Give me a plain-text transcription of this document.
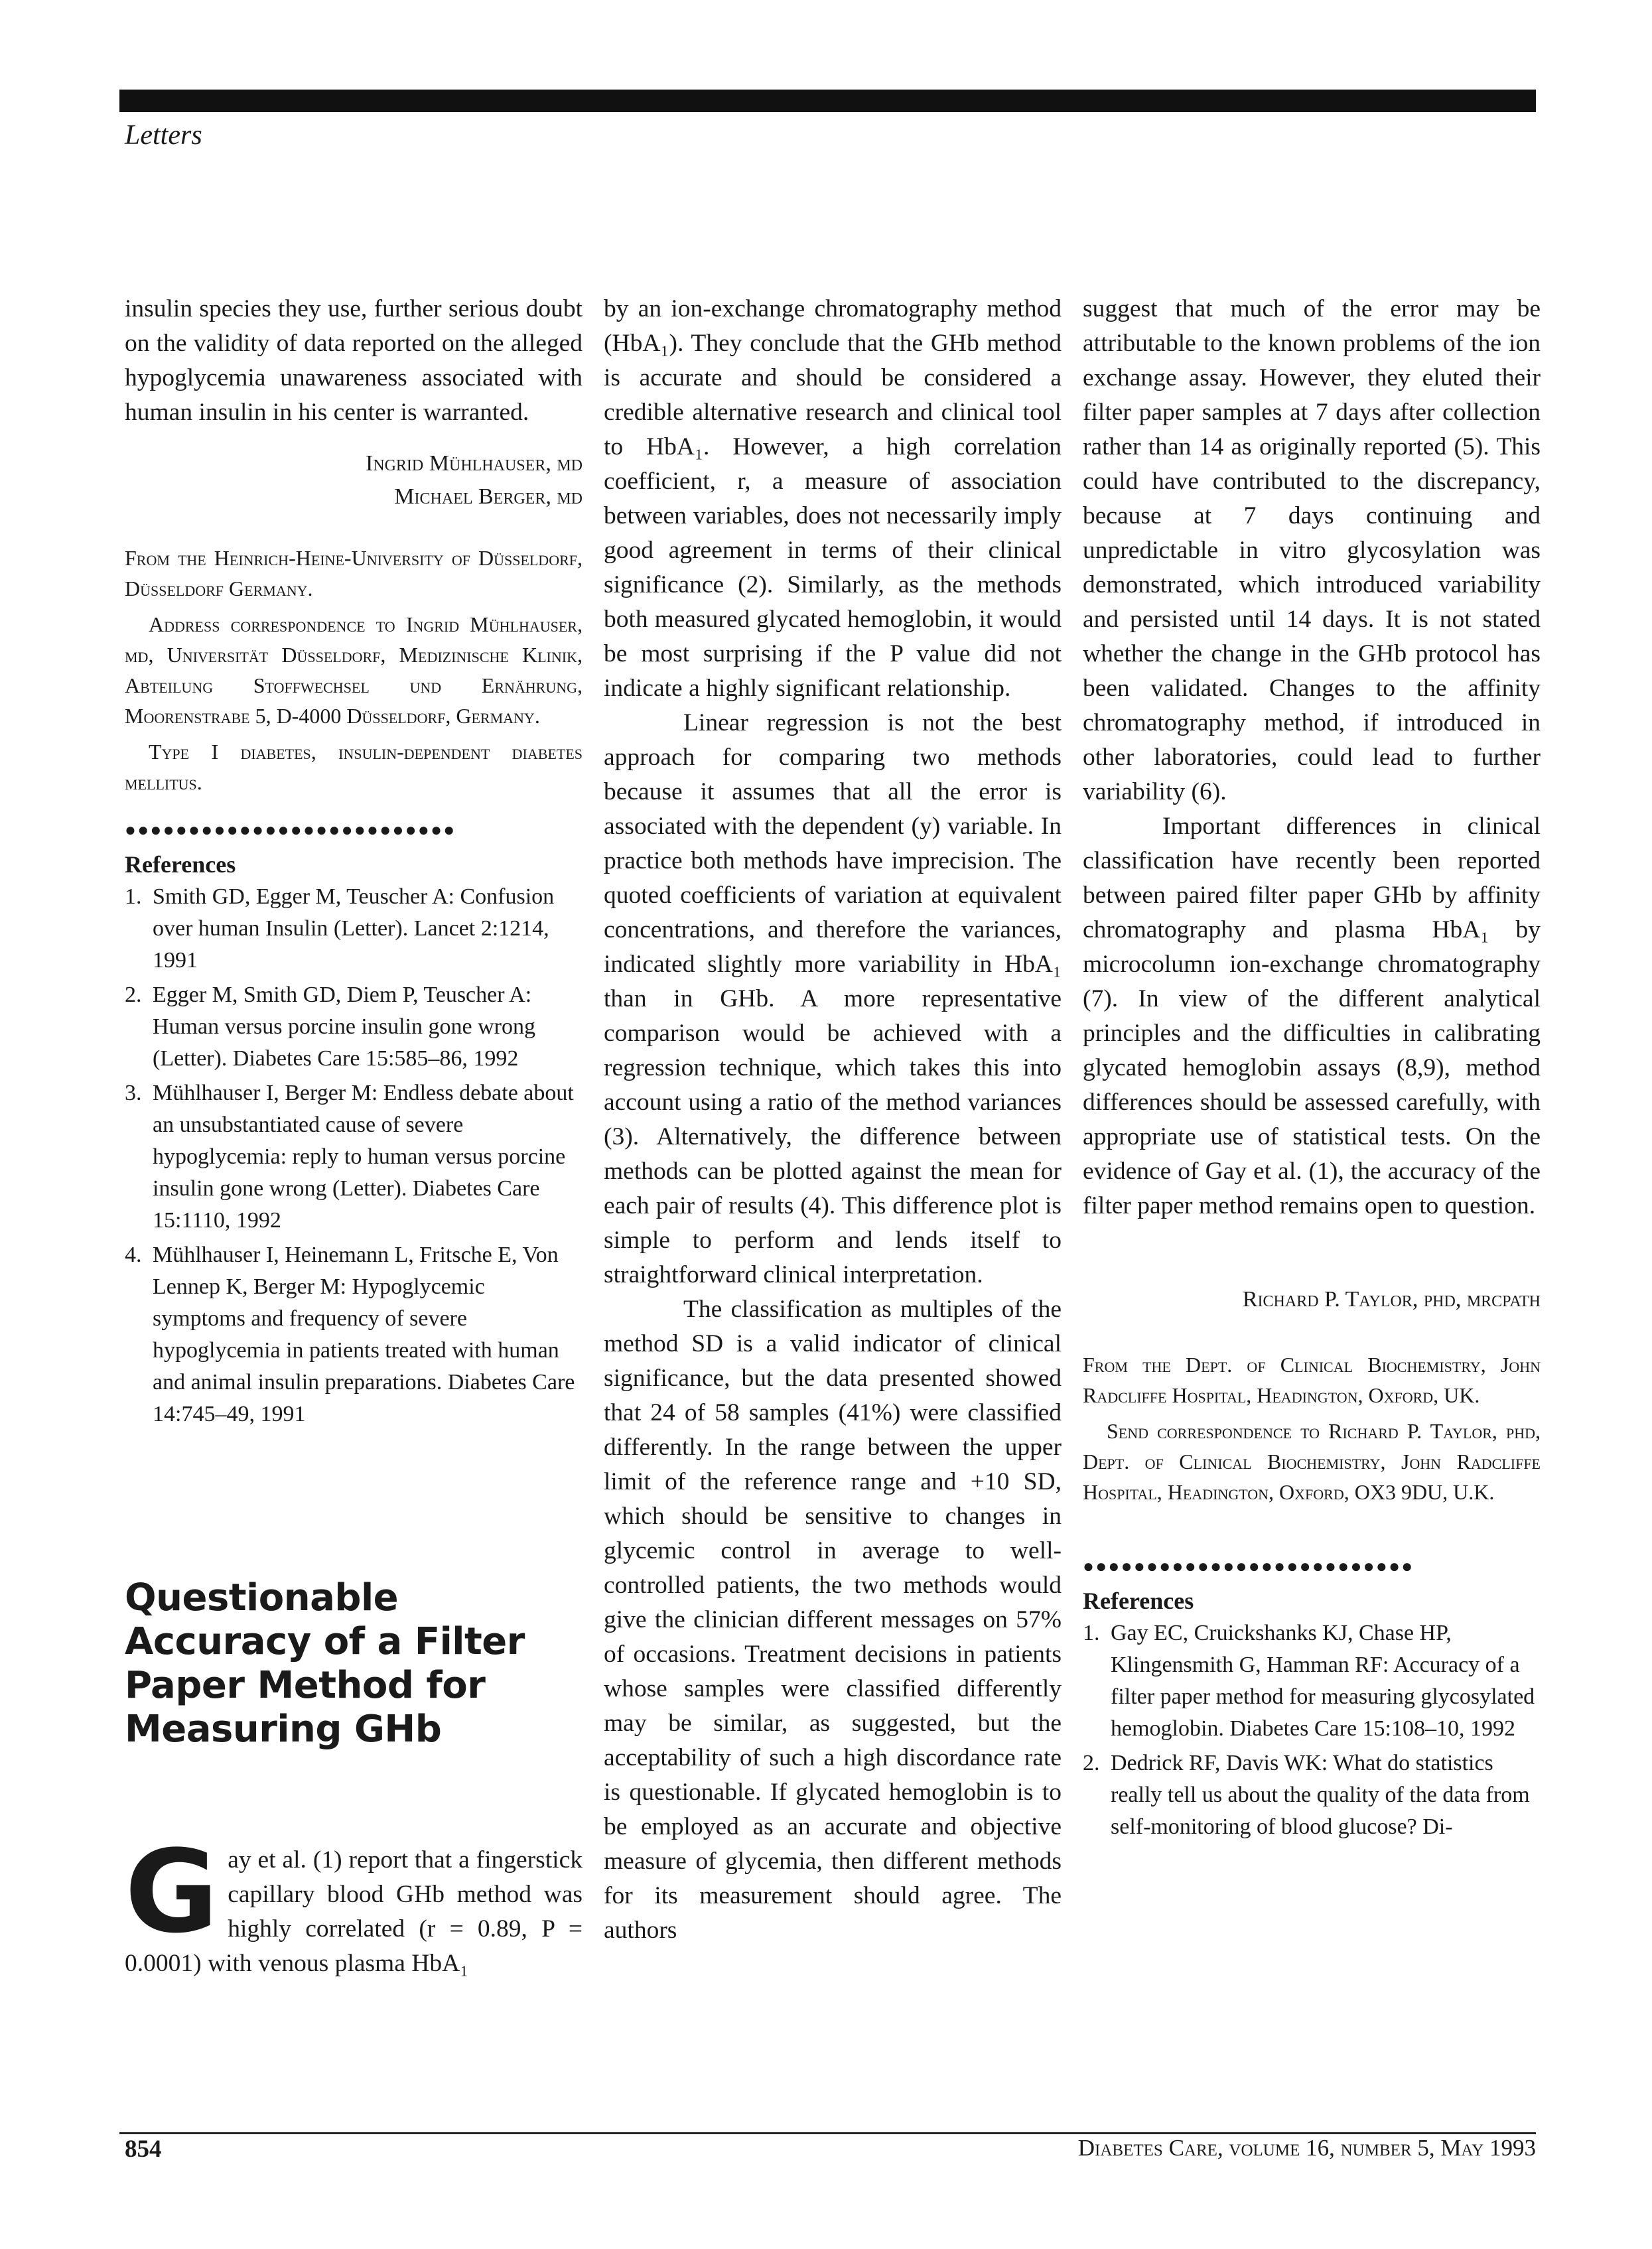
Letters

insulin species they use, further serious doubt on the validity of data reported on the alleged hypoglycemia unawareness associated with human insulin in his center is warranted.

Ingrid Mühlhauser, md
Michael Berger, md

From the Heinrich-Heine-University of Düsseldorf, Düsseldorf Germany.

Address correspondence to Ingrid Mühlhauser, md, Universität Düsseldorf, Medizinische Klinik, Abteilung Stoffwechsel und Ernährung, Moorenstrabe 5, D-4000 Düsseldorf, Germany.

Type I diabetes, insulin-dependent diabetes mellitus.

●●●●●●●●●●●●●●●●●●●●●●●●●●
References
1. Smith GD, Egger M, Teuscher A: Confusion over human Insulin (Letter). Lancet 2:1214, 1991
2. Egger M, Smith GD, Diem P, Teuscher A: Human versus porcine insulin gone wrong (Letter). Diabetes Care 15:585–86, 1992
3. Mühlhauser I, Berger M: Endless debate about an unsubstantiated cause of severe hypoglycemia: reply to human versus porcine insulin gone wrong (Letter). Diabetes Care 15:1110, 1992
4. Mühlhauser I, Heinemann L, Fritsche E, Von Lennep K, Berger M: Hypoglycemic symptoms and frequency of severe hypoglycemia in patients treated with human and animal insulin preparations. Diabetes Care 14:745–49, 1991
Questionable Accuracy of a Filter Paper Method for Measuring GHb

Gay et al. (1) report that a fingerstick capillary blood GHb method was highly correlated (r = 0.89, P = 0.0001) with venous plasma HbA₁

by an ion-exchange chromatography method (HbA₁). They conclude that the GHb method is accurate and should be considered a credible alternative research and clinical tool to HbA₁. However, a high correlation coefficient, r, a measure of association between variables, does not necessarily imply good agreement in terms of their clinical significance (2). Similarly, as the methods both measured glycated hemoglobin, it would be most surprising if the P value did not indicate a highly significant relationship.

Linear regression is not the best approach for comparing two methods because it assumes that all the error is associated with the dependent (y) variable. In practice both methods have imprecision. The quoted coefficients of variation at equivalent concentrations, and therefore the variances, indicated slightly more variability in HbA₁ than in GHb. A more representative comparison would be achieved with a regression technique, which takes this into account using a ratio of the method variances (3). Alternatively, the difference between methods can be plotted against the mean for each pair of results (4). This difference plot is simple to perform and lends itself to straightforward clinical interpretation.

The classification as multiples of the method SD is a valid indicator of clinical significance, but the data presented showed that 24 of 58 samples (41%) were classified differently. In the range between the upper limit of the reference range and +10 SD, which should be sensitive to changes in glycemic control in average to well-controlled patients, the two methods would give the clinician different messages on 57% of occasions. Treatment decisions in patients whose samples were classified differently may be similar, as suggested, but the acceptability of such a high discordance rate is questionable. If glycated hemoglobin is to be employed as an accurate and objective measure of glycemia, then different methods for its measurement should agree. The authors

suggest that much of the error may be attributable to the known problems of the ion exchange assay. However, they eluted their filter paper samples at 7 days after collection rather than 14 as originally reported (5). This could have contributed to the discrepancy, because at 7 days continuing and unpredictable in vitro glycosylation was demonstrated, which introduced variability and persisted until 14 days. It is not stated whether the change in the GHb protocol has been validated. Changes to the affinity chromatography method, if introduced in other laboratories, could lead to further variability (6).

Important differences in clinical classification have recently been reported between paired filter paper GHb by affinity chromatography and plasma HbA₁ by microcolumn ion-exchange chromatography (7). In view of the different analytical principles and the difficulties in calibrating glycated hemoglobin assays (8,9), method differences should be assessed carefully, with appropriate use of statistical tests. On the evidence of Gay et al. (1), the accuracy of the filter paper method remains open to question.

Richard P. Taylor, phd, mrcpath

From the Dept. of Clinical Biochemistry, John Radcliffe Hospital, Headington, Oxford, UK.

Send correspondence to Richard P. Taylor, phd, Dept. of Clinical Biochemistry, John Radcliffe Hospital, Headington, Oxford, OX3 9DU, U.K.

●●●●●●●●●●●●●●●●●●●●●●●●●●
References
1. Gay EC, Cruickshanks KJ, Chase HP, Klingensmith G, Hamman RF: Accuracy of a filter paper method for measuring glycosylated hemoglobin. Diabetes Care 15:108–10, 1992
2. Dedrick RF, Davis WK: What do statistics really tell us about the quality of the data from self-monitoring of blood glucose? Di-
854	Diabetes Care, volume 16, number 5, May 1993
